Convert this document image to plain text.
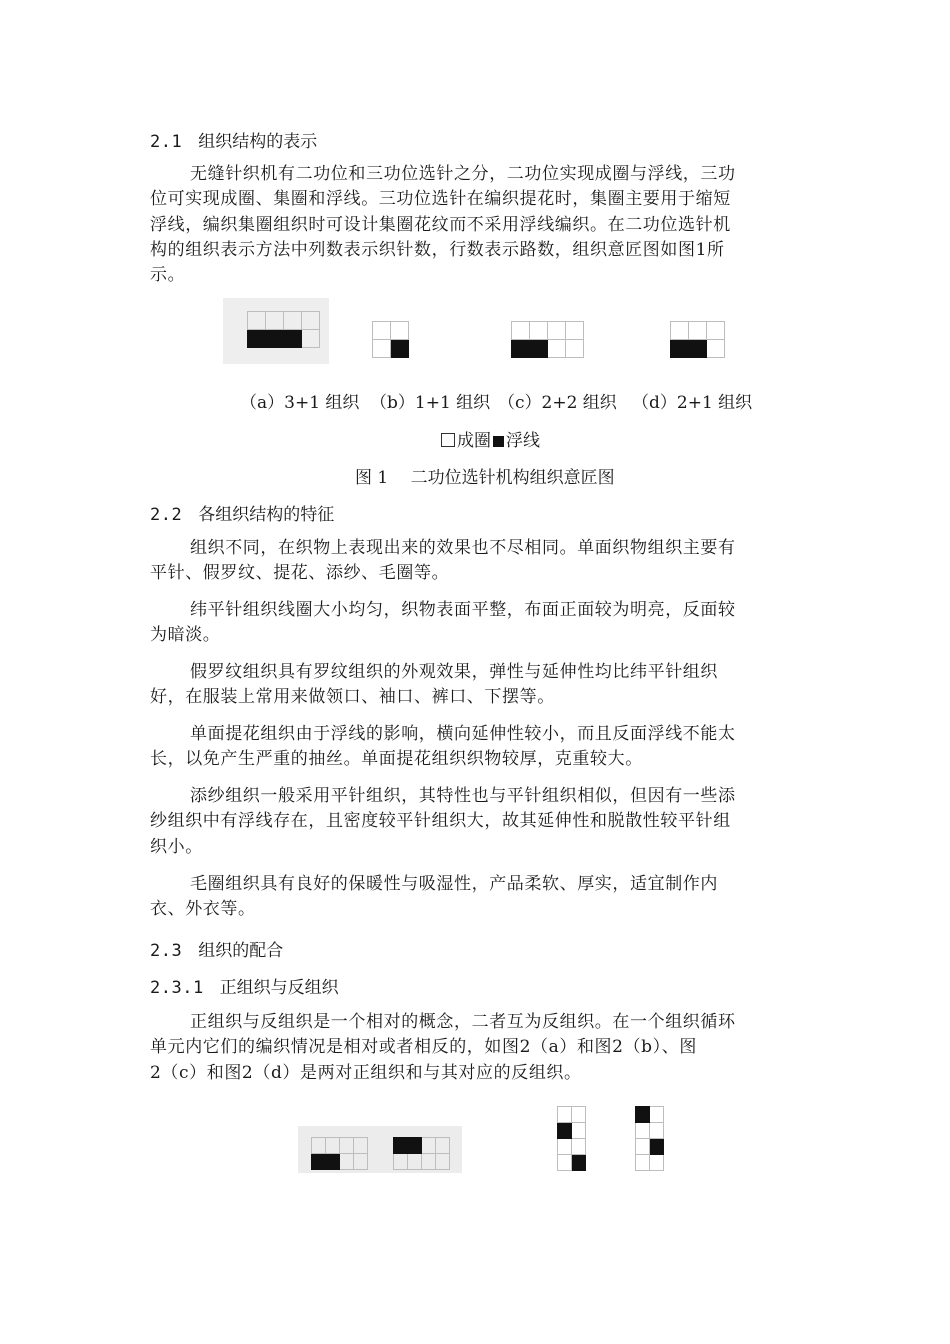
2.1 组织结构的表示
无缝针织机有二功位和三功位选针之分，二功位实现成圈与浮线，三功
位可实现成圈、集圈和浮线。三功位选针在编织提花时，集圈主要用于缩短
浮线，编织集圈组织时可设计集圈花纹而不采用浮线编织。在二功位选针机
构的组织表示方法中列数表示织针数，行数表示路数，组织意匠图如图1所
示。

（a）3+1 组织 （b）1+1 组织 （c）2+2 组织 （d）2+1 组织
成圈 浮线
图 1　 二功位选针机构组织意匠图
2.2 各组织结构的特征
组织不同，在织物上表现出来的效果也不尽相同。单面织物组织主要有
平针、假罗纹、提花、添纱、毛圈等。
纬平针组织线圈大小均匀，织物表面平整，布面正面较为明亮，反面较
为暗淡。
假罗纹组织具有罗纹组织的外观效果，弹性与延伸性均比纬平针组织
好，在服装上常用来做领口、袖口、裤口、下摆等。
单面提花组织由于浮线的影响，横向延伸性较小，而且反面浮线不能太
长，以免产生严重的抽丝。单面提花组织织物较厚，克重较大。
添纱组织一般采用平针组织，其特性也与平针组织相似，但因有一些添
纱组织中有浮线存在，且密度较平针组织大，故其延伸性和脱散性较平针组
织小。
毛圈组织具有良好的保暖性与吸湿性，产品柔软、厚实，适宜制作内
衣、外衣等。
2.3 组织的配合
2.3.1 正组织与反组织
正组织与反组织是一个相对的概念，二者互为反组织。在一个组织循环
单元内它们的编织情况是相对或者相反的，如图2（a）和图2（b）、图
2（c）和图2（d）是两对正组织和与其对应的反组织。
